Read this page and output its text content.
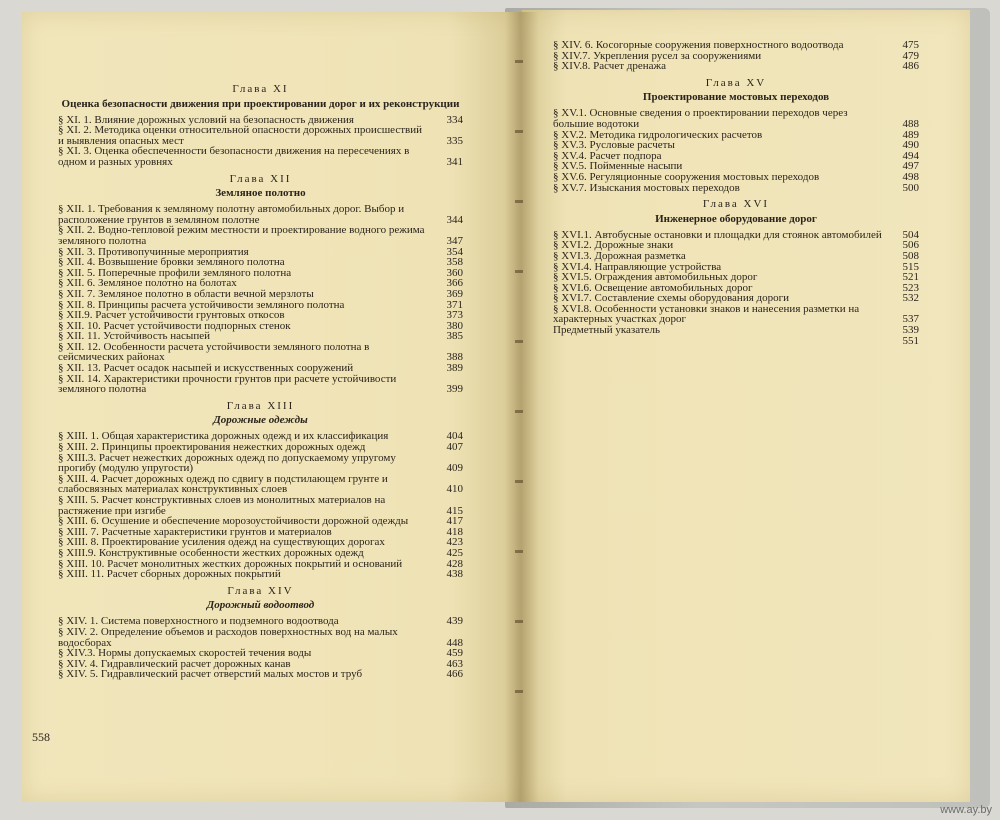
Глава XI
Оценка безопасности движения при проектировании дорог и их реконструкции
§ XI. 1. Влияние дорожных условий на безопасность движения	334
§ XI. 2. Методика оценки относительной опасности дорожных происшествий и выявления опасных мест	335
§ XI. 3. Оценка обеспеченности безопасности движения на пересечениях в одном и разных уровнях	341
Глава XII
Земляное полотно
§ XII. 1. Требования к земляному полотну автомобильных дорог. Выбор и расположение грунтов в земляном полотне	344
§ XII. 2. Водно-тепловой режим местности и проектирование водного режима земляного полотна	347
§ XII. 3. Противопучинные мероприятия	354
§ XII. 4. Возвышение бровки земляного полотна	358
§ XII. 5. Поперечные профили земляного полотна	360
§ XII. 6. Земляное полотно на болотах	366
§ XII. 7. Земляное полотно в области вечной мерзлоты	369
§ XII. 8. Принципы расчета устойчивости земляного полотна	371
§ XII.9. Расчет устойчивости грунтовых откосов	373
§ XII. 10. Расчет устойчивости подпорных стенок	380
§ XII. 11. Устойчивость насыпей	385
§ XII. 12. Особенности расчета устойчивости земляного полотна в сейсмических районах	388
§ XII. 13. Расчет осадок насыпей и искусственных сооружений	389
§ XII. 14. Характеристики прочности грунтов при расчете устойчивости земляного полотна	399
Глава XIII
Дорожные одежды
§ XIII. 1. Общая характеристика дорожных одежд и их классификация	404
§ XIII. 2. Принципы проектирования нежестких дорожных одежд	407
§ XIII.3. Расчет нежестких дорожных одежд по допускаемому упругому прогибу (модулю упругости)	409
§ XIII. 4. Расчет дорожных одежд по сдвигу в подстилающем грунте и слабосвязных материалах конструктивных слоев	410
§ XIII. 5. Расчет конструктивных слоев из монолитных материалов на растяжение при изгибе	415
§ XIII. 6. Осушение и обеспечение морозоустойчивости дорожной одежды	417
§ XIII. 7. Расчетные характеристики грунтов и материалов	418
§ XIII. 8. Проектирование усиления одежд на существующих дорогах	423
§ XIII.9. Конструктивные особенности жестких дорожных одежд	425
§ XIII. 10. Расчет монолитных жестких дорожных покрытий и оснований	428
§ XIII. 11. Расчет сборных дорожных покрытий	438
Глава XIV
Дорожный водоотвод
§ XIV. 1. Система поверхностного и подземного водоотвода	439
§ XIV. 2. Определение объемов и расходов поверхностных вод на малых водосборах	448
§ XIV.3. Нормы допускаемых скоростей течения воды	459
§ XIV. 4. Гидравлический расчет дорожных канав	463
§ XIV. 5. Гидравлический расчет отверстий малых мостов и труб	466
§ XIV. 6. Косогорные сооружения поверхностного водоотвода	475
§ XIV.7. Укрепления русел за сооружениями	479
§ XIV.8. Расчет дренажа	486
Глава XV
Проектирование мостовых переходов
§ XV.1. Основные сведения о проектировании переходов через большие водотоки	488
§ XV.2. Методика гидрологических расчетов	489
§ XV.3. Русловые расчеты	490
§ XV.4. Расчет подпора	494
§ XV.5. Пойменные насыпи	497
§ XV.6. Регуляционные сооружения мостовых переходов	498
§ XV.7. Изыскания мостовых переходов	500
Глава XVI
Инженерное оборудование дорог
§ XVI.1. Автобусные остановки и площадки для стоянок автомобилей	504
§ XVI.2. Дорожные знаки	506
§ XVI.3. Дорожная разметка	508
§ XVI.4. Направляющие устройства	515
§ XVI.5. Ограждения автомобильных дорог	521
§ XVI.6. Освещение автомобильных дорог	523
§ XVI.7. Составление схемы оборудования дороги	532
§ XVI.8. Особенности установки знаков и нанесения разметки на характерных участках дорог	537
Предметный указатель	539
551
558
www.ay.by
